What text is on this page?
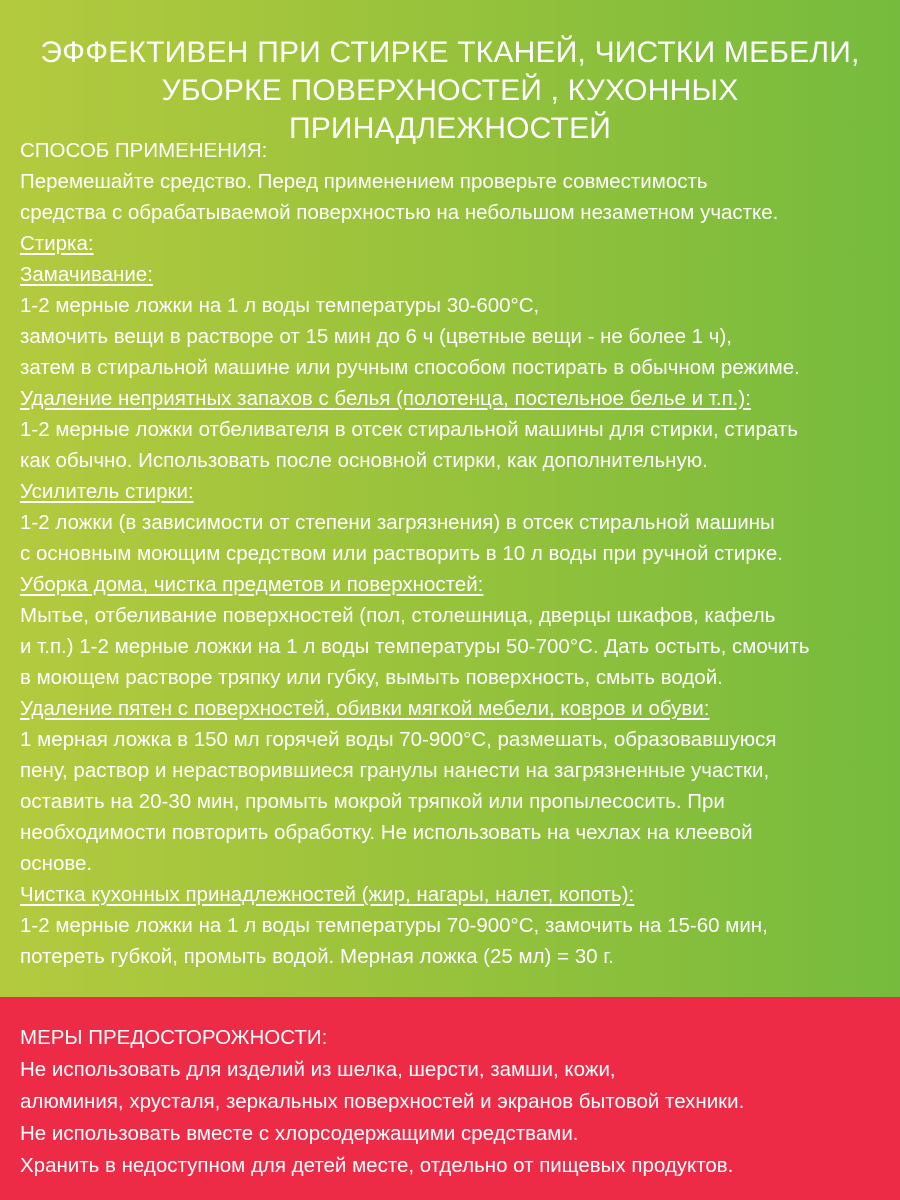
ЭФФЕКТИВЕН ПРИ СТИРКЕ ТКАНЕЙ, ЧИСТКИ МЕБЕЛИ,
УБОРКЕ ПОВЕРХНОСТЕЙ , КУХОННЫХ ПРИНАДЛЕЖНОСТЕЙ
СПОСОБ ПРИМЕНЕНИЯ:
Перемешайте средство. Перед применением проверьте совместимость
средства с обрабатываемой поверхностью на небольшом незаметном участке.
Стирка:
Замачивание:
1-2 мерные ложки на 1 л воды температуры 30-600°С,
замочить вещи в растворе от 15 мин до 6 ч (цветные вещи - не более 1 ч),
затем в стиральной машине или ручным способом постирать в обычном режиме.
Удаление неприятных запахов с белья (полотенца, постельное белье и т.п.):
1-2 мерные ложки отбеливателя в отсек стиральной машины для стирки, стирать
как обычно. Использовать после основной стирки, как дополнительную.
Усилитель стирки:
1-2 ложки (в зависимости от степени загрязнения) в отсек стиральной машины
с основным моющим средством или растворить в 10 л воды при ручной стирке.
Уборка дома, чистка предметов и поверхностей:
Мытье, отбеливание поверхностей (пол, столешница, дверцы шкафов, кафель
и т.п.) 1-2 мерные ложки на 1 л воды температуры 50-700°С. Дать остыть, смочить
в моющем растворе тряпку или губку, вымыть поверхность, смыть водой.
Удаление пятен с поверхностей, обивки мягкой мебели, ковров и обуви:
1 мерная ложка в 150 мл горячей воды 70-900°С, размешать, образовавшуюся
пену, раствор и нерастворившиеся гранулы нанести на загрязненные участки,
оставить на 20-30 мин, промыть мокрой тряпкой или пропылесосить. При
необходимости повторить обработку. Не использовать на чехлах на клеевой
основе.
Чистка кухонных принадлежностей (жир, нагары, налет, копоть):
1-2 мерные ложки на 1 л воды температуры 70-900°С, замочить на 15-60 мин,
потереть губкой, промыть водой. Мерная ложка (25 мл) = 30 г.
МЕРЫ ПРЕДОСТОРОЖНОСТИ:
Не использовать для изделий из шелка, шерсти, замши, кожи,
алюминия, хрусталя, зеркальных поверхностей и экранов бытовой техники.
Не использовать вместе с хлорсодержащими средствами.
Хранить в недоступном для детей месте, отдельно от пищевых продуктов.
